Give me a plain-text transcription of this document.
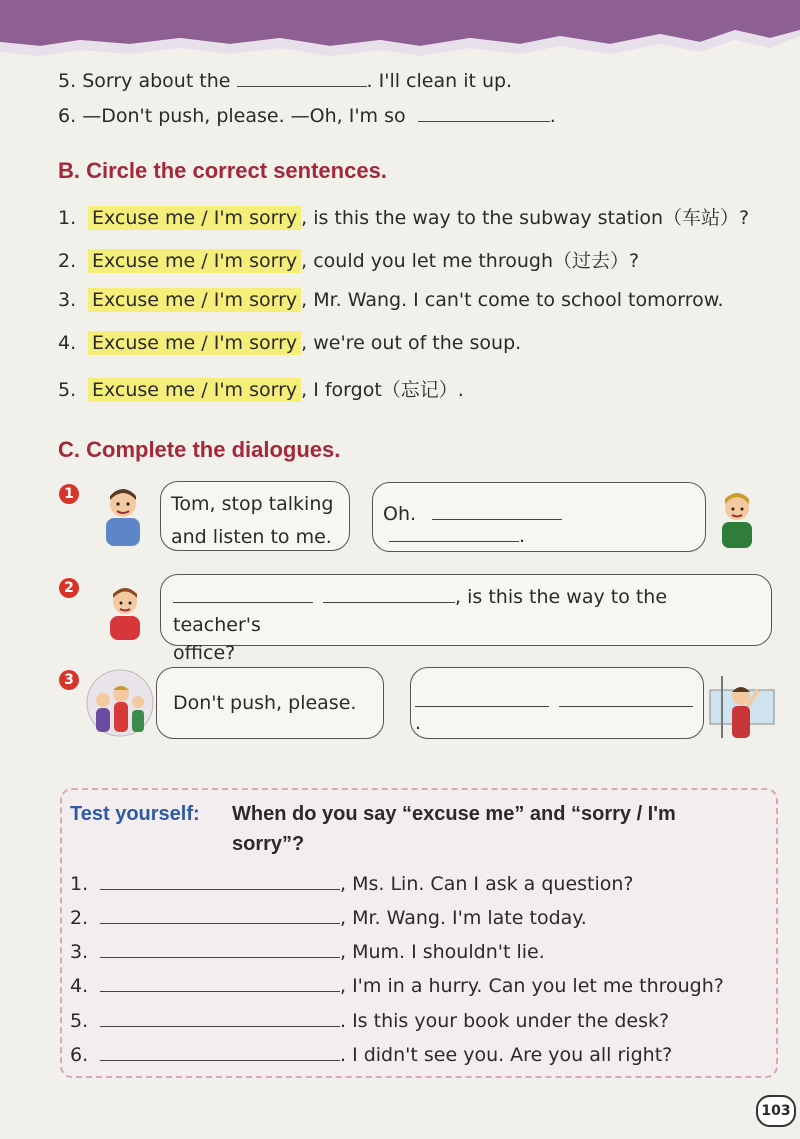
5. Sorry about the	. I'll clean it up.
6. —Don't push, please. —Oh, I'm so	.
B. Circle the correct sentences.
1. Excuse me / I'm sorry , is this the way to the subway station（车站）?
2. Excuse me / I'm sorry , could you let me through（过去）?
3. Excuse me / I'm sorry , Mr. Wang. I can't come to school tomorrow.
4. Excuse me / I'm sorry , we're out of the soup.
5. Excuse me / I'm sorry , I forgot（忘记）.
C. Complete the dialogues.
1	Tom, stop talking
and listen to me.
Oh.  .
2	, is this the way to the teacher's
office?
3
Don't push, please.
.
Test yourself: When do you say “excuse me” and “sorry / I'm
sorry”?
1.	, Ms. Lin. Can I ask a question?
2.	, Mr. Wang. I'm late today.
3.	, Mum. I shouldn't lie.
4.	, I'm in a hurry. Can you let me through?
5.	. Is this your book under the desk?
6.	. I didn't see you. Are you all right?
103
